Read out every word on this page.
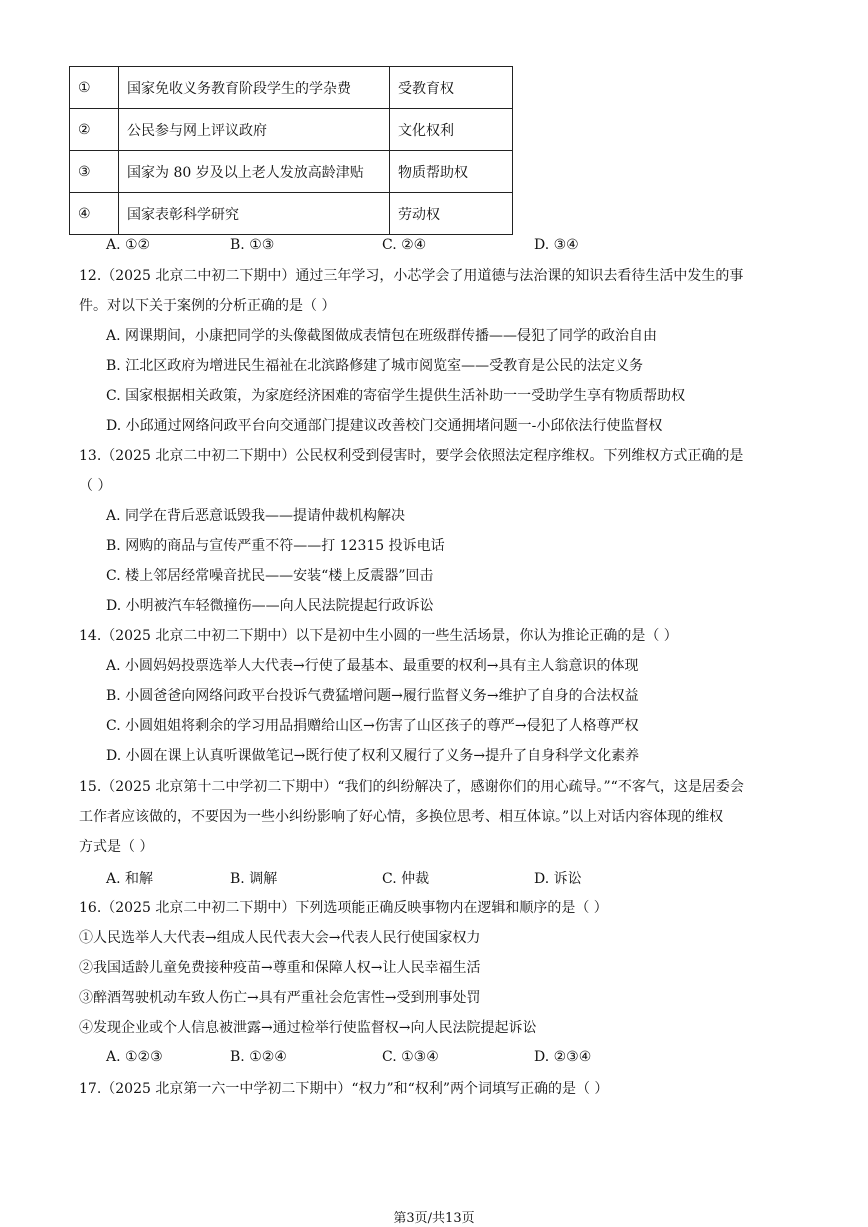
①	国家免收义务教育阶段学生的学杂费	受教育权
②	公民参与网上评议政府	文化权利
③	国家为 80 岁及以上老人发放高龄津贴	物质帮助权
④	国家表彰科学研究	劳动权
A. ①②	B. ①③	C. ②④	D. ③④
12.（2025 北京二中初二下期中）通过三年学习，小芯学会了用道德与法治课的知识去看待生活中发生的事
件。对以下关于案例的分析正确的是（ ）
A. 网课期间，小康把同学的头像截图做成表情包在班级群传播——侵犯了同学的政治自由
B. 江北区政府为增进民生福祉在北滨路修建了城市阅览室——受教育是公民的法定义务
C. 国家根据相关政策，为家庭经济困难的寄宿学生提供生活补助一一受助学生享有物质帮助权
D. 小邱通过网络问政平台向交通部门提建议改善校门交通拥堵问题一-小邱依法行使监督权
13.（2025 北京二中初二下期中）公民权利受到侵害时，要学会依照法定程序维权。下列维权方式正确的是
（ ）
A. 同学在背后恶意诋毁我——提请仲裁机构解决
B. 网购的商品与宣传严重不符——打 12315 投诉电话
C. 楼上邻居经常噪音扰民——安装“楼上反震器”回击
D. 小明被汽车轻微撞伤——向人民法院提起行政诉讼
14.（2025 北京二中初二下期中）以下是初中生小圆的一些生活场景，你认为推论正确的是（ ）
A. 小圆妈妈投票选举人大代表→行使了最基本、最重要的权利→具有主人翁意识的体现
B. 小圆爸爸向网络问政平台投诉气费猛增问题→履行监督义务→维护了自身的合法权益
C. 小圆姐姐将剩余的学习用品捐赠给山区→伤害了山区孩子的尊严→侵犯了人格尊严权
D. 小圆在课上认真听课做笔记→既行使了权利又履行了义务→提升了自身科学文化素养
15.（2025 北京第十二中学初二下期中）“我们的纠纷解决了，感谢你们的用心疏导。”“不客气，这是居委会
工作者应该做的，不要因为一些小纠纷影响了好心情，多换位思考、相互体谅。”以上对话内容体现的维权
方式是（ ）
A. 和解	B. 调解	C. 仲裁	D. 诉讼
16.（2025 北京二中初二下期中）下列选项能正确反映事物内在逻辑和顺序的是（ ）
①人民选举人大代表→组成人民代表大会→代表人民行使国家权力
②我国适龄儿童免费接种疫苗→尊重和保障人权→让人民幸福生活
③醉酒驾驶机动车致人伤亡→具有严重社会危害性→受到刑事处罚
④发现企业或个人信息被泄露→通过检举行使监督权→向人民法院提起诉讼
A. ①②③	B. ①②④	C. ①③④	D. ②③④
17.（2025 北京第一六一中学初二下期中）“权力”和“权利”两个词填写正确的是（ ）
第3页/共13页
